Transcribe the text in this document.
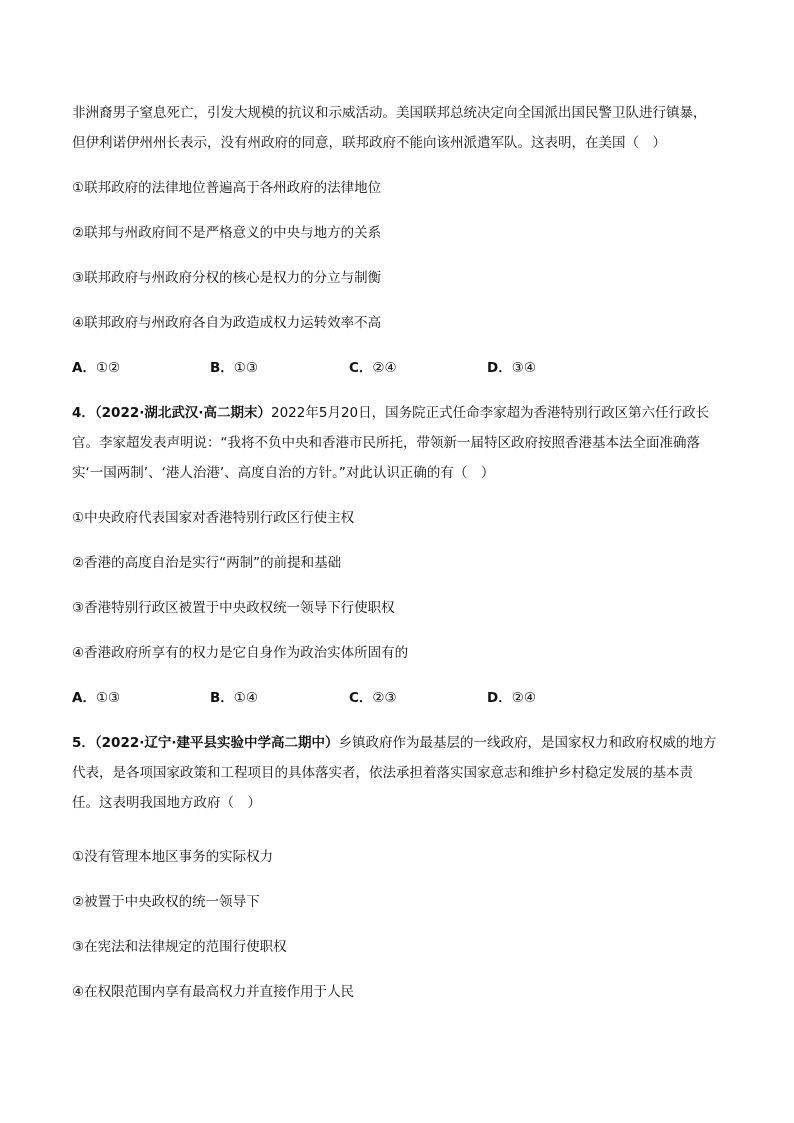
非洲裔男子窒息死亡，引发大规模的抗议和示威活动。美国联邦总统决定向全国派出国民警卫队进行镇暴，
但伊利诺伊州州长表示，没有州政府的同意，联邦政府不能向该州派遣军队。这表明，在美国（　）
①联邦政府的法律地位普遍高于各州政府的法律地位
②联邦与州政府间不是严格意义的中央与地方的关系
③联邦政府与州政府分权的核心是权力的分立与制衡
④联邦政府与州政府各自为政造成权力运转效率不高
A．①②	B．①③	C．②④	D．③④
4．（2022·湖北武汉·高二期末）2022年5月20日，国务院正式任命李家超为香港特别行政区第六任行政长
官。李家超发表声明说：“我将不负中央和香港市民所托，带领新一届特区政府按照香港基本法全面准确落
实‘一国两制’、‘港人治港’、高度自治的方针。”对此认识正确的有（　）
①中央政府代表国家对香港特别行政区行使主权
②香港的高度自治是实行“两制”的前提和基础
③香港特别行政区被置于中央政权统一领导下行使职权
④香港政府所享有的权力是它自身作为政治实体所固有的
A．①③	B．①④	C．②③	D．②④
5．（2022·辽宁·建平县实验中学高二期中）乡镇政府作为最基层的一线政府，是国家权力和政府权威的地方
代表，是各项国家政策和工程项目的具体落实者，依法承担着落实国家意志和维护乡村稳定发展的基本责
任。这表明我国地方政府（　）
①没有管理本地区事务的实际权力
②被置于中央政权的统一领导下
③在宪法和法律规定的范围行使职权
④在权限范围内享有最高权力并直接作用于人民
